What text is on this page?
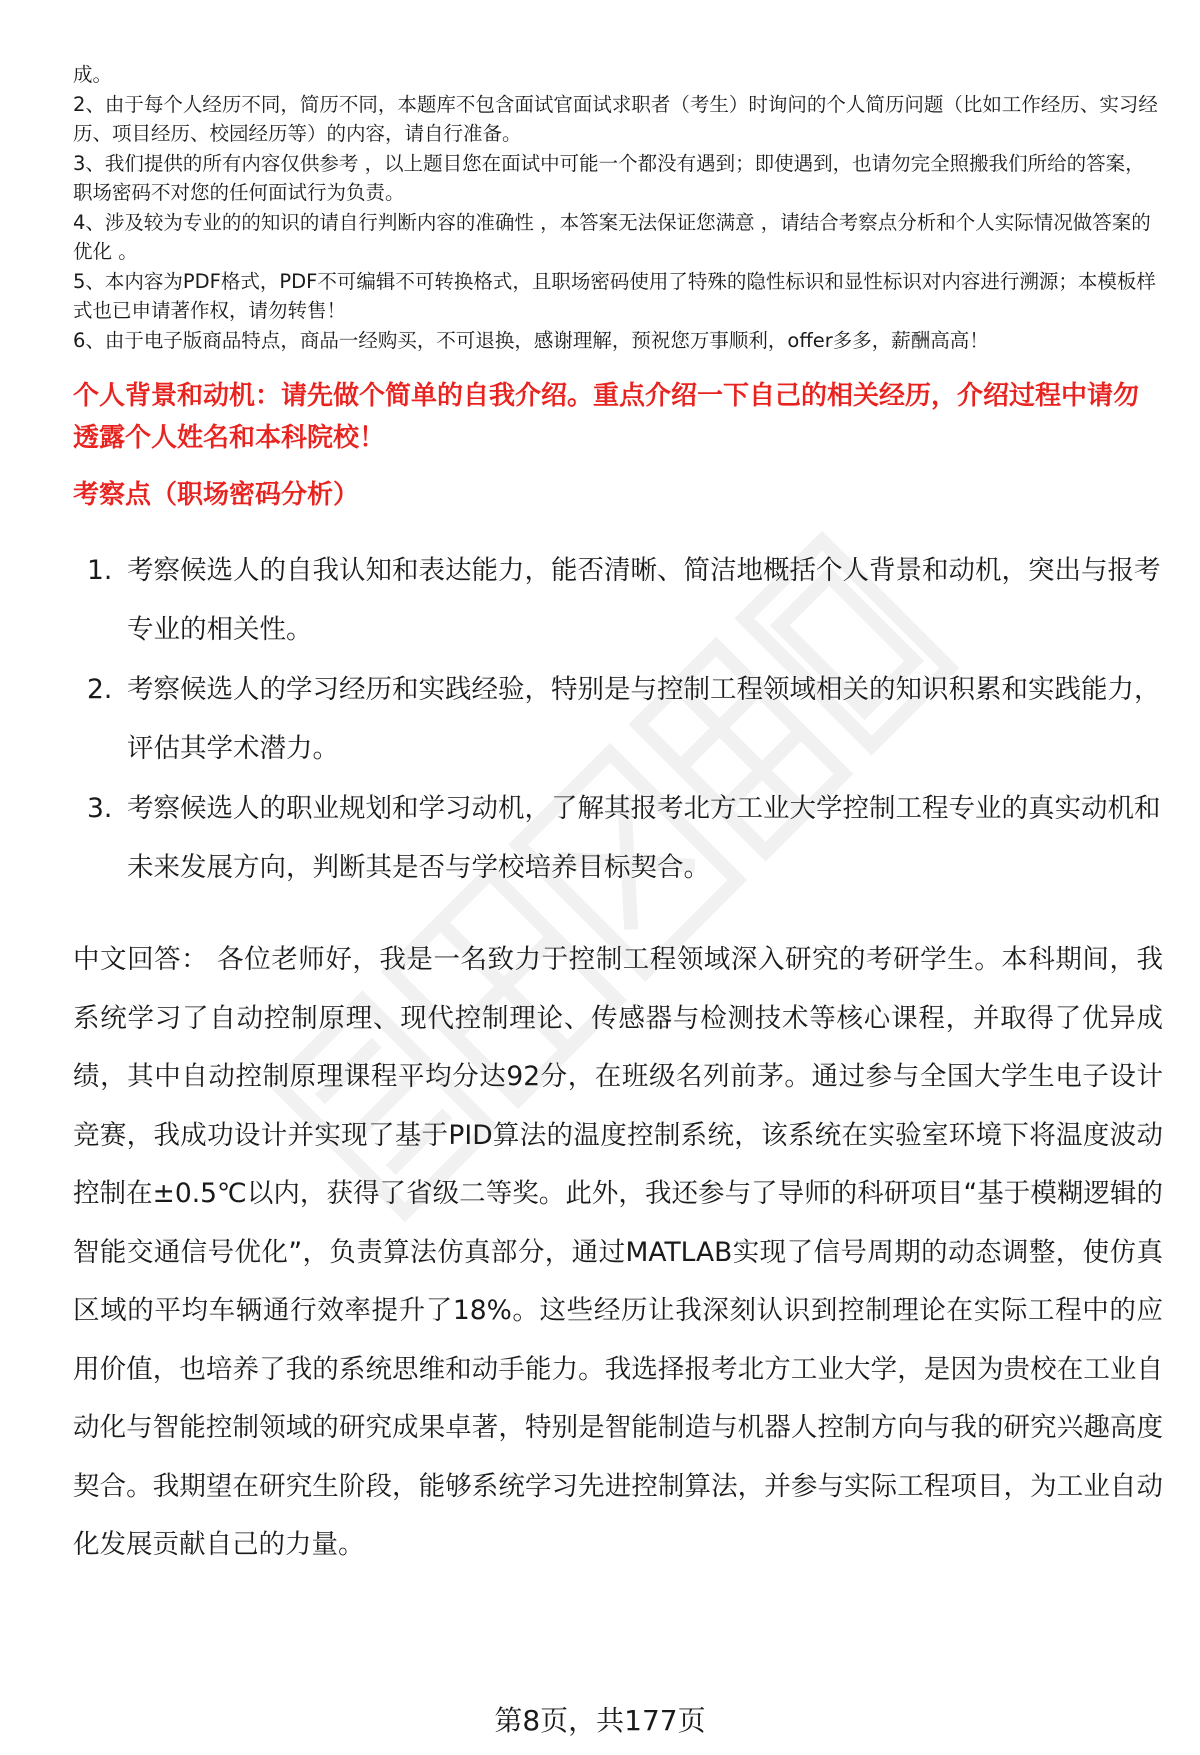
成。

2、由于每个人经历不同，简历不同，本题库不包含面试官面试求职者（考生）时询问的个人简历问题（比如工作经历、实习经历、项目经历、校园经历等）的内容，请自行准备。

3、我们提供的所有内容仅供参考 ，以上题目您在面试中可能一个都没有遇到；即使遇到，也请勿完全照搬我们所给的答案，职场密码不对您的任何面试行为负责。

4、涉及较为专业的的知识的请自行判断内容的准确性 ，本答案无法保证您满意 ，请结合考察点分析和个人实际情况做答案的优化 。

5、本内容为PDF格式，PDF不可编辑不可转换格式，且职场密码使用了特殊的隐性标识和显性标识对内容进行溯源；本模板样式也已申请著作权，请勿转售！

6、由于电子版商品特点，商品一经购买，不可退换，感谢理解，预祝您万事顺利，offer多多，薪酬高高！

个人背景和动机：请先做个简单的自我介绍。重点介绍一下自己的相关经历，介绍过程中请勿透露个人姓名和本科院校！
考察点（职场密码分析）
1. 考察候选人的自我认知和表达能力，能否清晰、简洁地概括个人背景和动机，突出与报考专业的相关性。
2. 考察候选人的学习经历和实践经验，特别是与控制工程领域相关的知识积累和实践能力，评估其学术潜力。
3. 考察候选人的职业规划和学习动机，了解其报考北方工业大学控制工程专业的真实动机和未来发展方向，判断其是否与学校培养目标契合。
中文回答： 各位老师好，我是一名致力于控制工程领域深入研究的考研学生。本科期间，我系统学习了自动控制原理、现代控制理论、传感器与检测技术等核心课程，并取得了优异成绩，其中自动控制原理课程平均分达92分，在班级名列前茅。通过参与全国大学生电子设计竞赛，我成功设计并实现了基于PID算法的温度控制系统，该系统在实验室环境下将温度波动控制在±0.5℃以内，获得了省级二等奖。此外，我还参与了导师的科研项目“基于模糊逻辑的智能交通信号优化”，负责算法仿真部分，通过MATLAB实现了信号周期的动态调整，使仿真区域的平均车辆通行效率提升了18%。这些经历让我深刻认识到控制理论在实际工程中的应用价值，也培养了我的系统思维和动手能力。我选择报考北方工业大学，是因为贵校在工业自动化与智能控制领域的研究成果卓著，特别是智能制造与机器人控制方向与我的研究兴趣高度契合。我期望在研究生阶段，能够系统学习先进控制算法，并参与实际工程项目，为工业自动化发展贡献自己的力量。
第8页，共177页
